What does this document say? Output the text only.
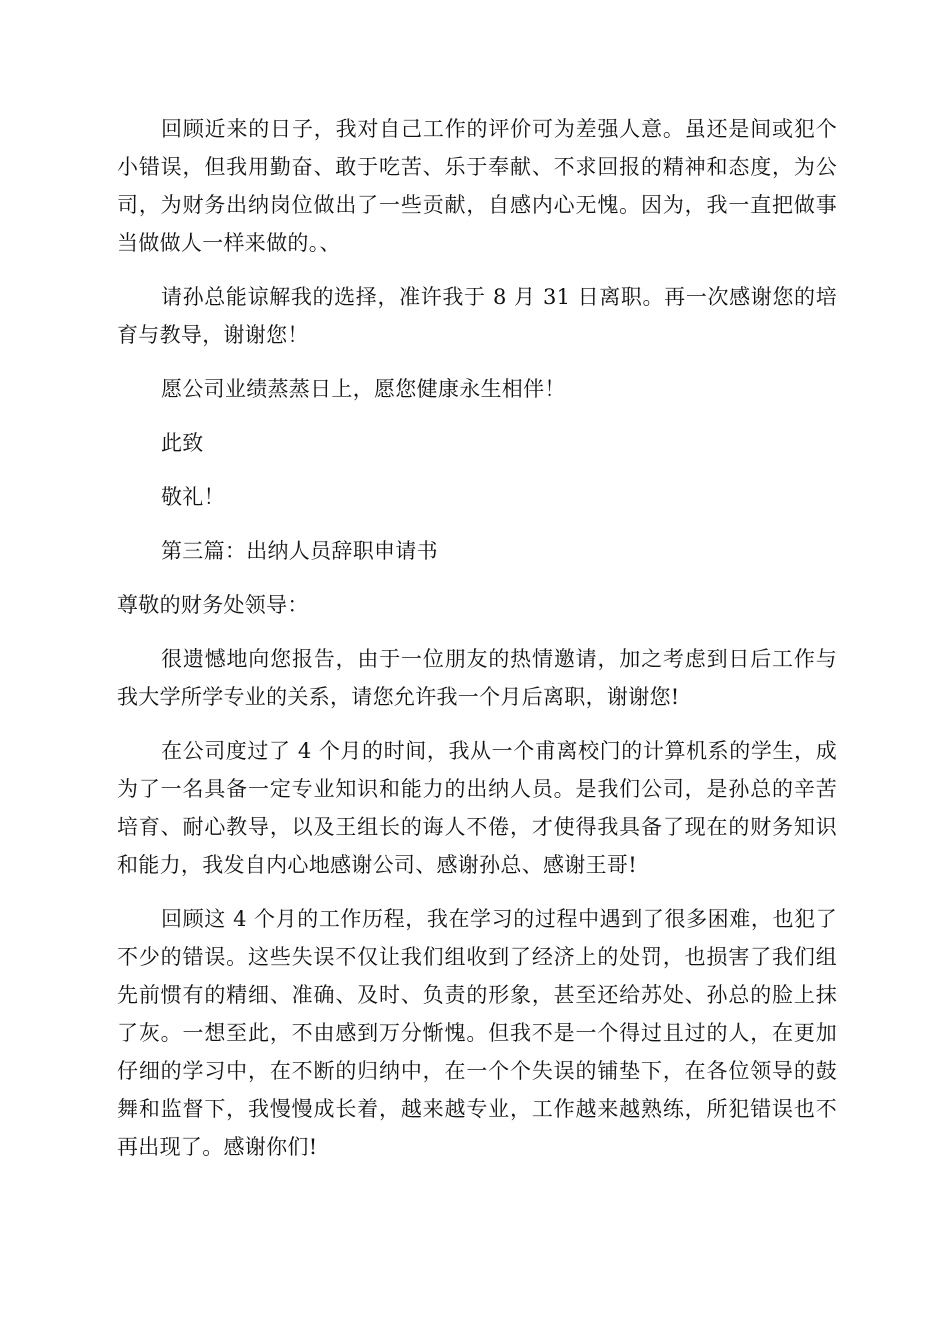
回顾近来的日子，我对自己工作的评价可为差强人意。虽还是间或犯个小错误，但我用勤奋、敢于吃苦、乐于奉献、不求回报的精神和态度，为公司，为财务出纳岗位做出了一些贡献，自感内心无愧。因为，我一直把做事当做做人一样来做的。、

请孙总能谅解我的选择，准许我于 8 月 31 日离职。再一次感谢您的培育与教导，谢谢您！

愿公司业绩蒸蒸日上，愿您健康永生相伴！

此致

敬礼！

第三篇：出纳人员辞职申请书

尊敬的财务处领导：

很遗憾地向您报告，由于一位朋友的热情邀请，加之考虑到日后工作与我大学所学专业的关系，请您允许我一个月后离职，谢谢您!

在公司度过了 4 个月的时间，我从一个甫离校门的计算机系的学生，成为了一名具备一定专业知识和能力的出纳人员。是我们公司，是孙总的辛苦培育、耐心教导，以及王组长的诲人不倦，才使得我具备了现在的财务知识和能力，我发自内心地感谢公司、感谢孙总、感谢王哥!

回顾这 4 个月的工作历程，我在学习的过程中遇到了很多困难，也犯了不少的错误。这些失误不仅让我们组收到了经济上的处罚，也损害了我们组先前惯有的精细、准确、及时、负责的形象，甚至还给苏处、孙总的脸上抹了灰。一想至此，不由感到万分惭愧。但我不是一个得过且过的人，在更加仔细的学习中，在不断的归纳中，在一个个失误的铺垫下，在各位领导的鼓舞和监督下，我慢慢成长着，越来越专业，工作越来越熟练，所犯错误也不再出现了。感谢你们!
